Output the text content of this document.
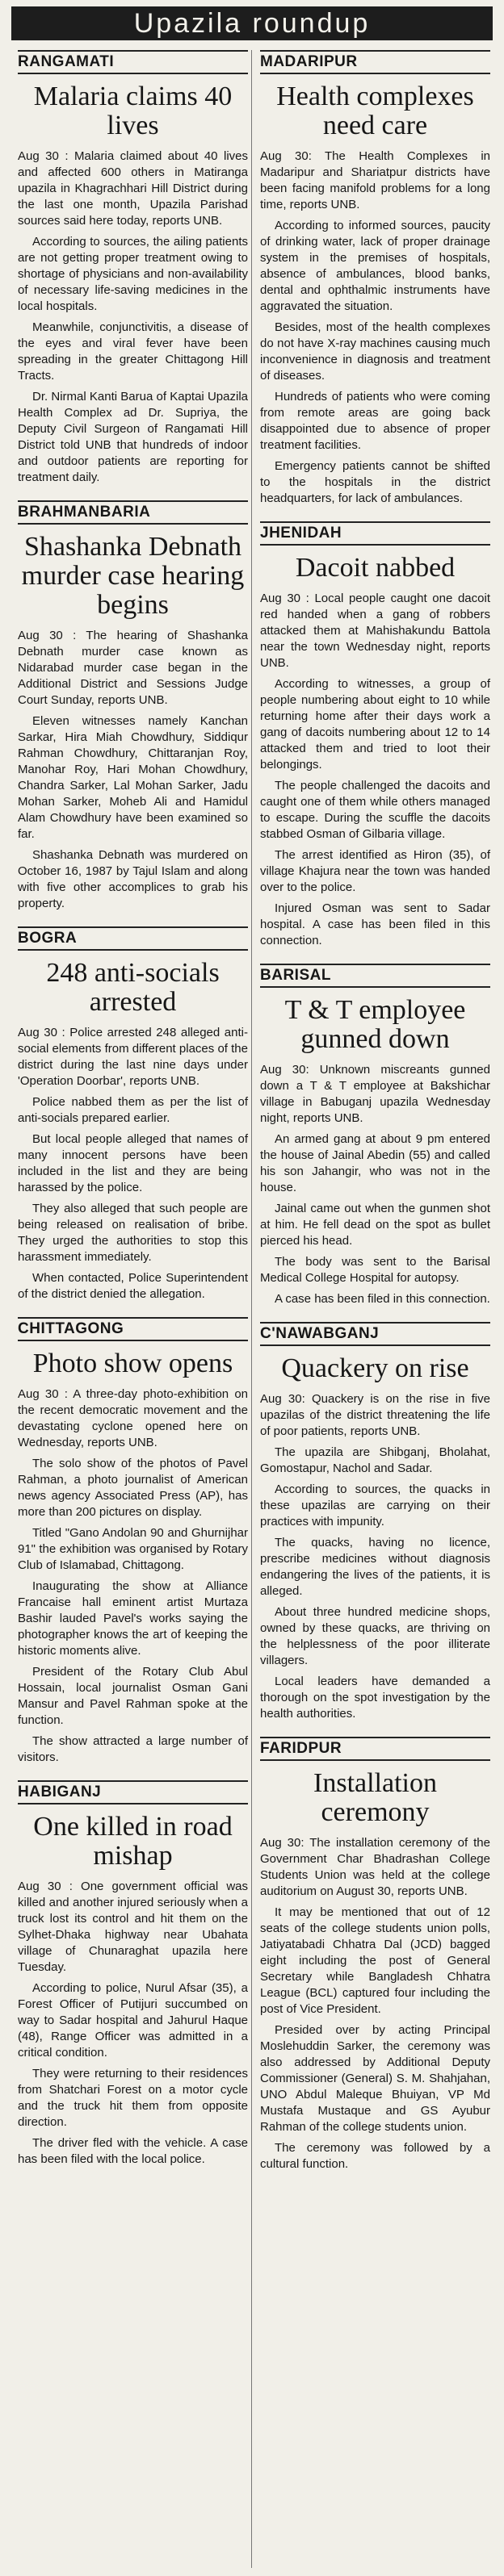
Upazila roundup
RANGAMATI
Malaria claims 40 lives

Aug 30 : Malaria claimed about 40 lives and affected 600 others in Matiranga upazila in Khagrachhari Hill District during the last one month, Upazila Parishad sources said here today, reports UNB.

According to sources, the ailing patients are not getting proper treatment owing to shortage of physicians and non-availability of necessary life-saving medicines in the local hospitals.

Meanwhile, conjunctivitis, a disease of the eyes and viral fever have been spreading in the greater Chittagong Hill Tracts.

Dr. Nirmal Kanti Barua of Kaptai Upazila Health Complex ad Dr. Supriya, the Deputy Civil Surgeon of Rangamati Hill District told UNB that hundreds of indoor and outdoor patients are reporting for treatment daily.

BRAHMANBARIA
Shashanka Debnath murder case hearing begins

Aug 30 : The hearing of Shashanka Debnath murder case known as Nidarabad murder case began in the Additional District and Sessions Judge Court Sunday, reports UNB.

Eleven witnesses namely Kanchan Sarkar, Hira Miah Chowdhury, Siddiqur Rahman Chowdhury, Chittaranjan Roy, Manohar Roy, Hari Mohan Chowdhury, Chandra Sarker, Lal Mohan Sarker, Jadu Mohan Sarker, Moheb Ali and Hamidul Alam Chowdhury have been examined so far.

Shashanka Debnath was murdered on October 16, 1987 by Tajul Islam and along with five other accomplices to grab his property.

BOGRA
248 anti-socials arrested

Aug 30 : Police arrested 248 alleged anti-social elements from different places of the district during the last nine days under 'Operation Doorbar', reports UNB.

Police nabbed them as per the list of anti-socials prepared earlier.

But local people alleged that names of many innocent persons have been included in the list and they are being harassed by the police.

They also alleged that such people are being released on realisation of bribe. They urged the authorities to stop this harassment immediately.

When contacted, Police Superintendent of the district denied the allegation.

CHITTAGONG
Photo show opens

Aug 30 : A three-day photo-exhibition on the recent democratic movement and the devastating cyclone opened here on Wednesday, reports UNB.

The solo show of the photos of Pavel Rahman, a photo journalist of American news agency Associated Press (AP), has more than 200 pictures on display.

Titled "Gano Andolan 90 and Ghurnijhar 91" the exhibition was organised by Rotary Club of Islamabad, Chittagong.

Inaugurating the show at Alliance Francaise hall eminent artist Murtaza Bashir lauded Pavel's works saying the photographer knows the art of keeping the historic moments alive.

President of the Rotary Club Abul Hossain, local journalist Osman Gani Mansur and Pavel Rahman spoke at the function.

The show attracted a large number of visitors.

HABIGANJ
One killed in road mishap

Aug 30 : One government official was killed and another injured seriously when a truck lost its control and hit them on the Sylhet-Dhaka highway near Ubahata village of Chunaraghat upazila here Tuesday.

According to police, Nurul Afsar (35), a Forest Officer of Putijuri succumbed on way to Sadar hospital and Jahurul Haque (48), Range Officer was admitted in a critical condition.

They were returning to their residences from Shatchari Forest on a motor cycle and the truck hit them from opposite direction.

The driver fled with the vehicle. A case has been filed with the local police.

MADARIPUR
Health complexes need care

Aug 30: The Health Complexes in Madaripur and Shariatpur districts have been facing manifold problems for a long time, reports UNB.

According to informed sources, paucity of drinking water, lack of proper drainage system in the premises of hospitals, absence of ambulances, blood banks, dental and ophthalmic instruments have aggravated the situation.

Besides, most of the health complexes do not have X-ray machines causing much inconvenience in diagnosis and treatment of diseases.

Hundreds of patients who were coming from remote areas are going back disappointed due to absence of proper treatment facilities.

Emergency patients cannot be shifted to the hospitals in the district headquarters, for lack of ambulances.

JHENIDAH
Dacoit nabbed

Aug 30 : Local people caught one dacoit red handed when a gang of robbers attacked them at Mahishakundu Battola near the town Wednesday night, reports UNB.

According to witnesses, a group of people numbering about eight to 10 while returning home after their days work a gang of dacoits numbering about 12 to 14 attacked them and tried to loot their belongings.

The people challenged the dacoits and caught one of them while others managed to escape. During the scuffle the dacoits stabbed Osman of Gilbaria village.

The arrest identified as Hiron (35), of village Khajura near the town was handed over to the police.

Injured Osman was sent to Sadar hospital. A case has been filed in this connection.

BARISAL
T & T employee gunned down

Aug 30: Unknown miscreants gunned down a T & T employee at Bakshichar village in Babuganj upazila Wednesday night, reports UNB.

An armed gang at about 9 pm entered the house of Jainal Abedin (55) and called his son Jahangir, who was not in the house.

Jainal came out when the gunmen shot at him. He fell dead on the spot as bullet pierced his head.

The body was sent to the Barisal Medical College Hospital for autopsy.

A case has been filed in this connection.

C'NAWABGANJ
Quackery on rise

Aug 30: Quackery is on the rise in five upazilas of the district threatening the life of poor patients, reports UNB.

The upazila are Shibganj, Bholahat, Gomostapur, Nachol and Sadar.

According to sources, the quacks in these upazilas are carrying on their practices with impunity.

The quacks, having no licence, prescribe medicines without diagnosis endangering the lives of the patients, it is alleged.

About three hundred medicine shops, owned by these quacks, are thriving on the helplessness of the poor illiterate villagers.

Local leaders have demanded a thorough on the spot investigation by the health authorities.

FARIDPUR
Installation ceremony

Aug 30: The installation ceremony of the Government Char Bhadrashan College Students Union was held at the college auditorium on August 30, reports UNB.

It may be mentioned that out of 12 seats of the college students union polls, Jatiyatabadi Chhatra Dal (JCD) bagged eight including the post of General Secretary while Bangladesh Chhatra League (BCL) captured four including the post of Vice President.

Presided over by acting Principal Moslehuddin Sarker, the ceremony was also addressed by Additional Deputy Commissioner (General) S. M. Shahjahan, UNO Abdul Maleque Bhuiyan, VP Md Mustafa Mustaque and GS Ayubur Rahman of the college students union.

The ceremony was followed by a cultural function.
